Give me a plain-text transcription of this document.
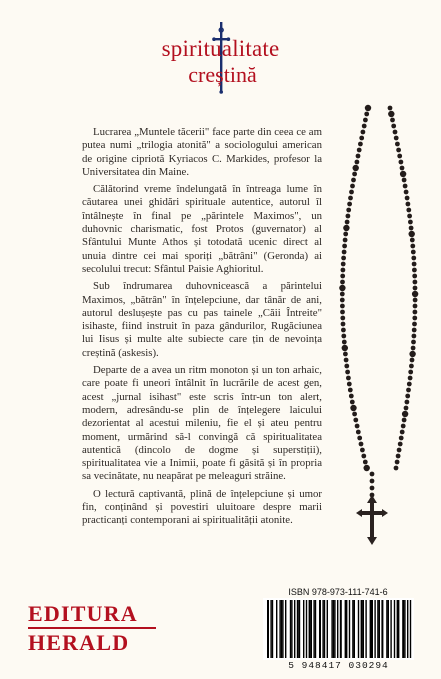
spiritualitate
creștină

Lucrarea „Muntele tăcerii" face parte din ceea ce am putea numi „trilogia atonită" a sociologului american de origine cipriotă Kyriacos C. Markides, profesor la Universitatea din Maine.

Călătorind vreme îndelungată în întreaga lume în căutarea unei ghidări spirituale autentice, autorul îl întâlnește în final pe „părintele Maximos", un duhovnic charismatic, fost Protos (guvernator) al Sfântului Munte Athos și totodată ucenic direct al unuia dintre cei mai sporiți „bătrâni" (Geronda) ai secolului trecut: Sfântul Paisie Aghioritul.

Sub îndrumarea duhovnicească a părintelui Maximos, „bătrân" în înțelepciune, dar tânăr de ani, autorul deslușește pas cu pas tainele „Căii Întreite" isihaste, fiind instruit în paza gândurilor, Rugăciunea lui Iisus și multe alte subiecte care țin de nevoința creștină (askesis).

Departe de a avea un ritm monoton și un ton arhaic, care poate fi uneori întâlnit în lucrările de acest gen, acest „jurnal isihast" este scris într-un ton alert, modern, adresându-se plin de înțelegere laicului dezorientat al acestui mileniu, fie el și ateu pentru moment, urmărind să-l convingă că spiritualitatea autentică (dincolo de dogme și superstiții), spiritualitatea vie a Inimii, poate fi găsită și în propria sa vecinătate, nu neapărat pe meleaguri străine.

O lectură captivantă, plină de înțelepciune și umor fin, conținând și povestiri uluitoare despre marii practicanți contemporani ai spiritualității atonite.

ISBN 978-973-111-741-6
5 948417 030294
EDITURA
HERALD
